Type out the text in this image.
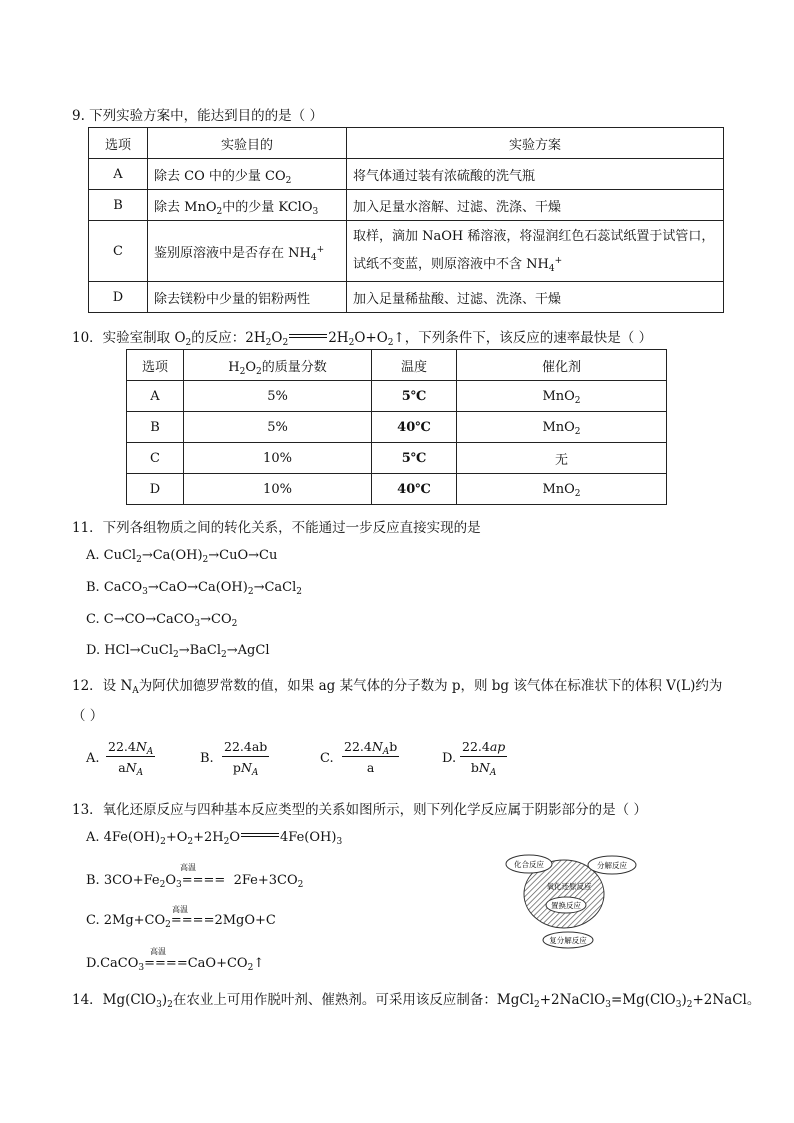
9. 下列实验方案中，能达到目的的是（ ）
选项	实验目的	实验方案
A	除去 CO 中的少量 $CO_2$	将气体通过装有浓硫酸的洗气瓶
B	除去 MnO$_2$中的少量 KClO$_3$	加入足量水溶解、过滤、洗涤、干燥
C	鉴别原溶液中是否存在 $NH_4^+$	取样，滴加 NaOH 稀溶液，将湿润红色石蕊试纸置于试管口，
试纸不变蓝，则原溶液中不含 $NH_4^+$

D	除去镁粉中少量的铝粉两性	加入足量稀盐酸、过滤、洗涤、干燥
10．实验室制取 $O_2$的反应：$2H_2O_2$	$2H_2O+O_2↑$，下列条件下，该反应的速率最快是（ ）
选项	$H_2O_2$的质量分数	温度	催化剂
A	5%	5℃	MnO$_2$
B	5%	40℃	MnO$_2$
C	10%	5℃	无
D	10%	40℃	MnO$_2$
11．下列各组物质之间的转化关系，不能通过一步反应直接实现的是
A. $CuCl_2\to Ca(OH)_2\to CuO\to Cu$
B. $CaCO_3\to CaO\to Ca(OH)_2\to CaCl_2$
C. $C\to CO\to CaCO_3\to CO_2$
D. HCl→CuCl$_2$→BaCl$_2$→AgCl
12．设 $N_A$为阿伏加德罗常数的值，如果 ag 某气体的分子数为 p，则 bg 该气体在标准状下的体积 V(L)约为
（ ）
A.
$22.4N_A$
$aN_A$
B.
22.4ab
$pN_A$
C.
$22.4N_Ab$
a
D.
22.4ap
$bN_A$
13．氧化还原反应与四种基本反应类型的关系如图所示，则下列化学反应属于阴影部分的是（ ）
A. $4Fe(OH)_2+O_2+2H_2O$	$4Fe(OH)_3$
高温
B. $3CO+Fe_2O_3==== 2Fe+3CO_2$
高温
C. $2Mg+CO_2====2MgO+C$
高温
$D.CaCO_3====CaO+CO_2↑$
化合反应	分解反应
氧化还原反应
置换反应
复分解反应
14．$Mg(ClO_3)_2$在农业上可用作脱叶剂、催熟剂。可采用该反应制备：$MgCl_2+2NaClO_3=Mg(ClO_3)_2+2NaCl$。
